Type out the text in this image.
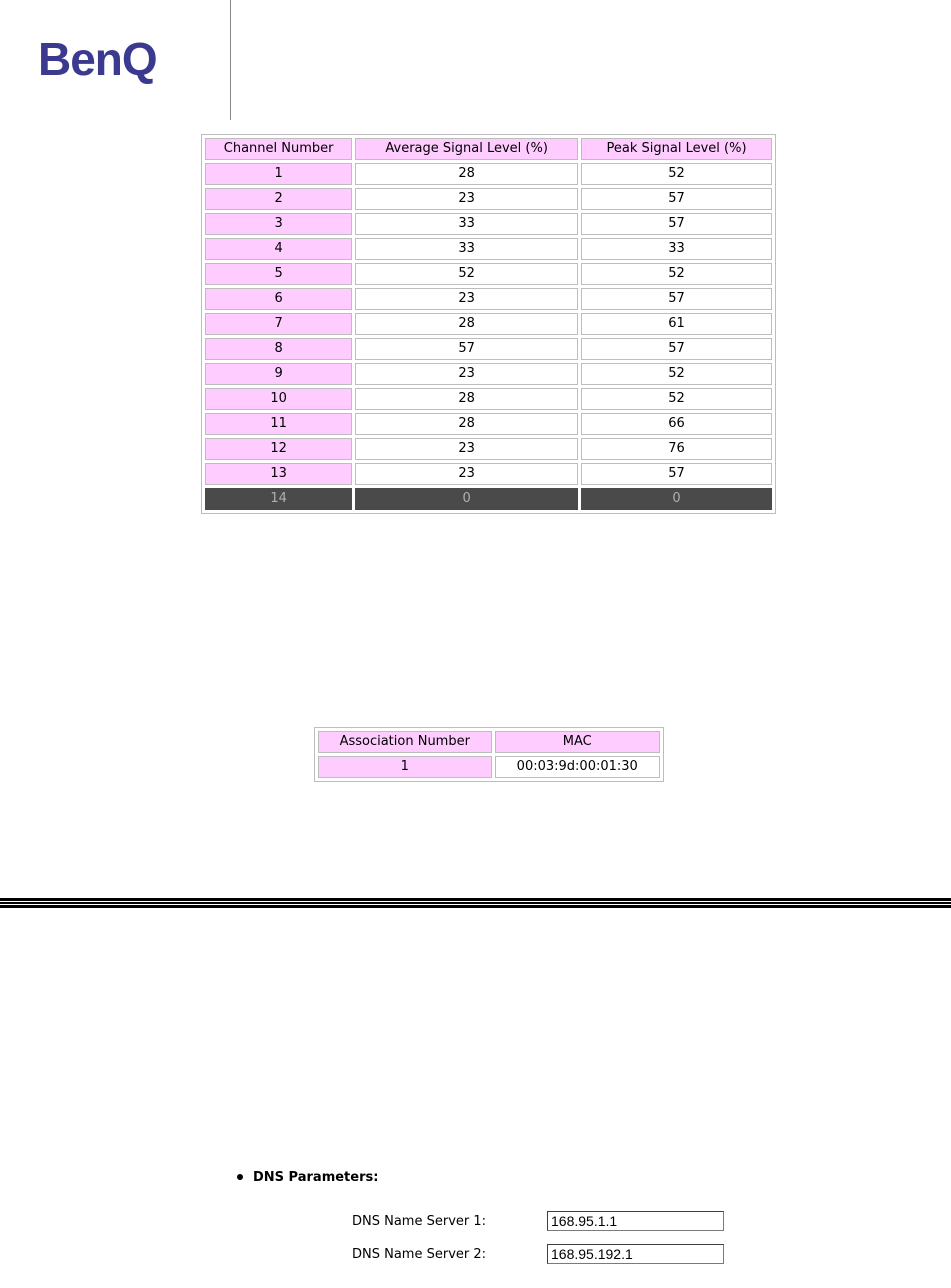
BenQ
Channel Number	Average Signal Level (%)	Peak Signal Level (%)
1	28	52
2	23	57
3	33	57
4	33	33
5	52	52
6	23	57
7	28	61
8	57	57
9	23	52
10	28	52
11	28	66
12	23	76
13	23	57
14	0	0
Association Number	MAC
1	00:03:9d:00:01:30
DNS Parameters:
DNS Name Server 1:168.95.1.1
DNS Name Server 2:168.95.192.1
